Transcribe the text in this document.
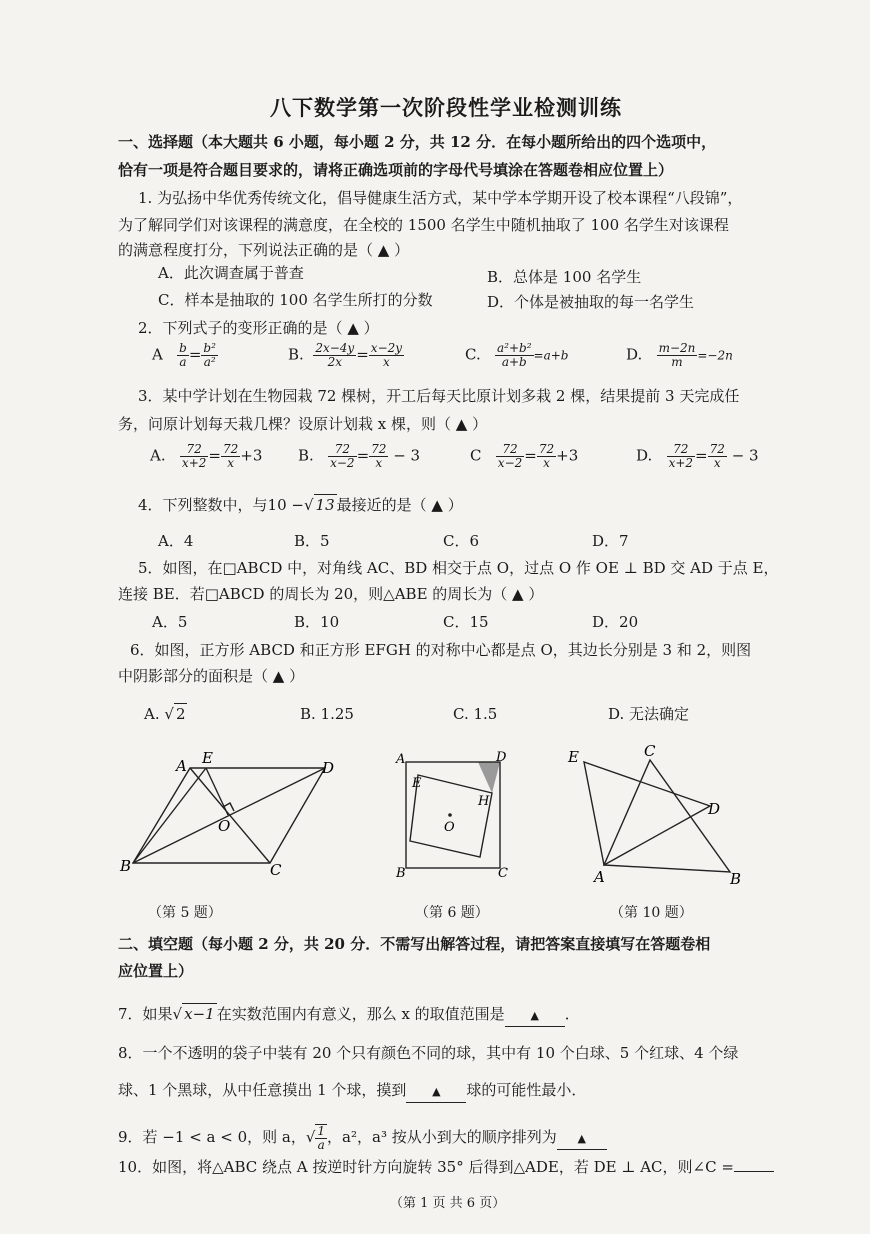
八下数学第一次阶段性学业检测训练
一、选择题（本大题共 6 小题，每小题 2 分，共 12 分．在每小题所给出的四个选项中，
恰有一项是符合题目要求的，请将正确选项前的字母代号填涂在答题卷相应位置上）
1. 为弘扬中华优秀传统文化，倡导健康生活方式，某中学本学期开设了校本课程“八段锦”，
为了解同学们对该课程的满意度，在全校的 1500 名学生中随机抽取了 100 名学生对该课程
的满意程度打分，下列说法正确的是（ ▲ ）
A．此次调查属于普查	B．总体是 100 名学生
C．样本是抽取的 100 名学生所打的分数	D．个体是被抽取的每一名学生
2．下列式子的变形正确的是（ ▲ ）
A $\frac{b}{a} = \frac{\text{b²}}{\text{a²}}$	B. $\frac{2x-4y}{2x} = \frac{x-2y}{x}$	C. $\frac{\text{a²+b²}}{a+b} =a+b$	D. $\frac{m-2n}{m} =-2n$
3．某中学计划在生物园栽 72 棵树，开工后每天比原计划多栽 2 棵，结果提前 3 天完成任
务，问原计划每天栽几棵？设原计划栽 x 棵，则（ ▲ ）
A. $\frac{72}{x+2} = \frac{72}{x} +3$ B. $\frac{72}{x-2} = \frac{72}{x} - 3$	C $\frac{72}{x-2} = \frac{72}{x} +3$	D. $\frac{72}{x+2} = \frac{72}{x} - 3$
4．下列整数中，与10 −√ 13 最接近的是（ ▲ ）
A．4	B．5	C．6	D．7
5．如图，在□ABCD 中，对角线 AC、BD 相交于点 O，过点 O 作 OE ⊥ BD 交 AD 于点 E，
连接 BE．若□ABCD 的周长为 20，则△ABE 的周长为（ ▲ ）
A．5	B．10	C．15	D．20
6．如图，正方形 ABCD 和正方形 EFGH 的对称中心都是点 O，其边长分别是 3 和 2，则图
中阴影部分的面积是（ ▲ ）
A. √ 2	B. 1.25	C. 1.5	D. 无法确定
A E
D
O
B	C
（第 5 题）
A	D
E
H
O
B	C
（第 6 题）
E	C
D
A	B
（第 10 题）
二、填空题（每小题 2 分，共 20 分．不需写出解答过程，请把答案直接填写在答题卷相
应位置上）
7．如果√ x−1 在实数范围内有意义，那么 x 的取值范围是 ▲ ．
8．一个不透明的袋子中装有 20 个只有颜色不同的球，其中有 10 个白球、5 个红球、4 个绿
球、1 个黑球，从中任意摸出 1 个球，摸到 ▲ 球的可能性最小．
9．若 −1 < a < 0，则 a，√ $\frac{1}{a}$ ，a²，a³ 按从小到大的顺序排列为 ▲
10．如图，将△ABC 绕点 A 按逆时针方向旋转 35° 后得到△ADE，若 DE ⊥ AC，则∠C =
（第 1 页 共 6 页）
